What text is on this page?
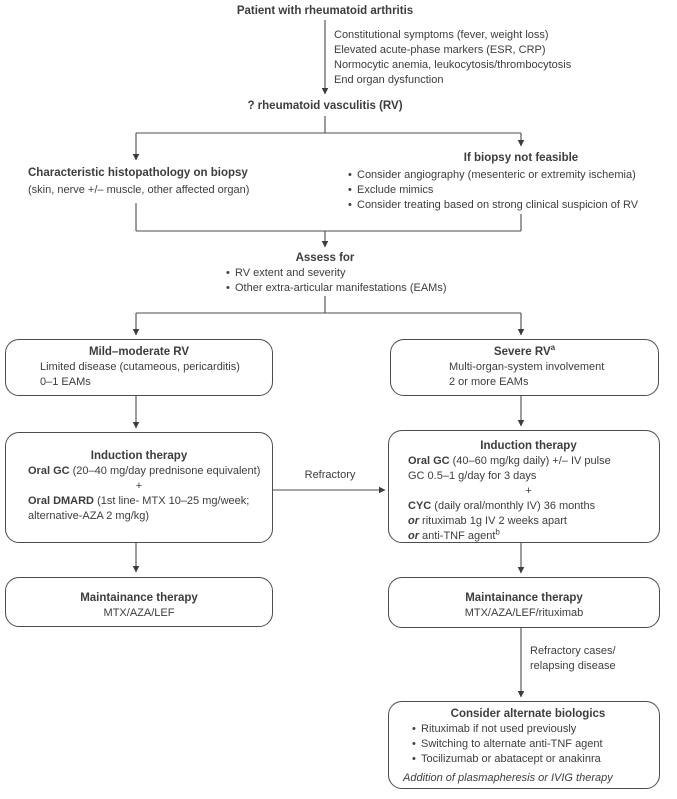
Patient with rheumatoid arthritis
Constitutional symptoms (fever, weight loss)
Elevated acute-phase markers (ESR, CRP)
Normocytic anemia, leukocytosis/thrombocytosis
End organ dysfunction
? rheumatoid vasculitis (RV)
Characteristic histopathology on biopsy
(skin, nerve +/– muscle, other affected organ)
If biopsy not feasible
• Consider angiography (mesenteric or extremity ischemia)
• Exclude mimics
• Consider treating based on strong clinical suspicion of RV
Assess for
• RV extent and severity
• Other extra-articular manifestations (EAMs)
Mild–moderate RV
Limited disease (cutameous, pericarditis)
0–1 EAMs
Severe $RV^a$
Multi-organ-system involvement
2 or more EAMs
Induction therapy
Oral GC (20–40 mg/day prednisone equivalent)
+
Oral DMARD (1st line- MTX 10–25 mg/week;
alternative-AZA 2 mg/kg)
Refractory
Induction therapy
Oral GC (40–60 mg/kg daily) +/– IV pulse
GC 0.5–1 g/day for 3 days
+
CYC (daily oral/monthly IV) 36 months
or rituximab 1g IV 2 weeks apart
or anti-TNF agent$^b$
Maintainance therapy
MTX/AZA/LEF
Maintainance therapy
MTX/AZA/LEF/rituximab
Refractory cases/
relapsing disease
Consider alternate biologics
• Rituximab if not used previously
• Switching to alternate anti-TNF agent
• Tocilizumab or abatacept or anakinra
Addition of plasmapheresis or IVIG therapy
